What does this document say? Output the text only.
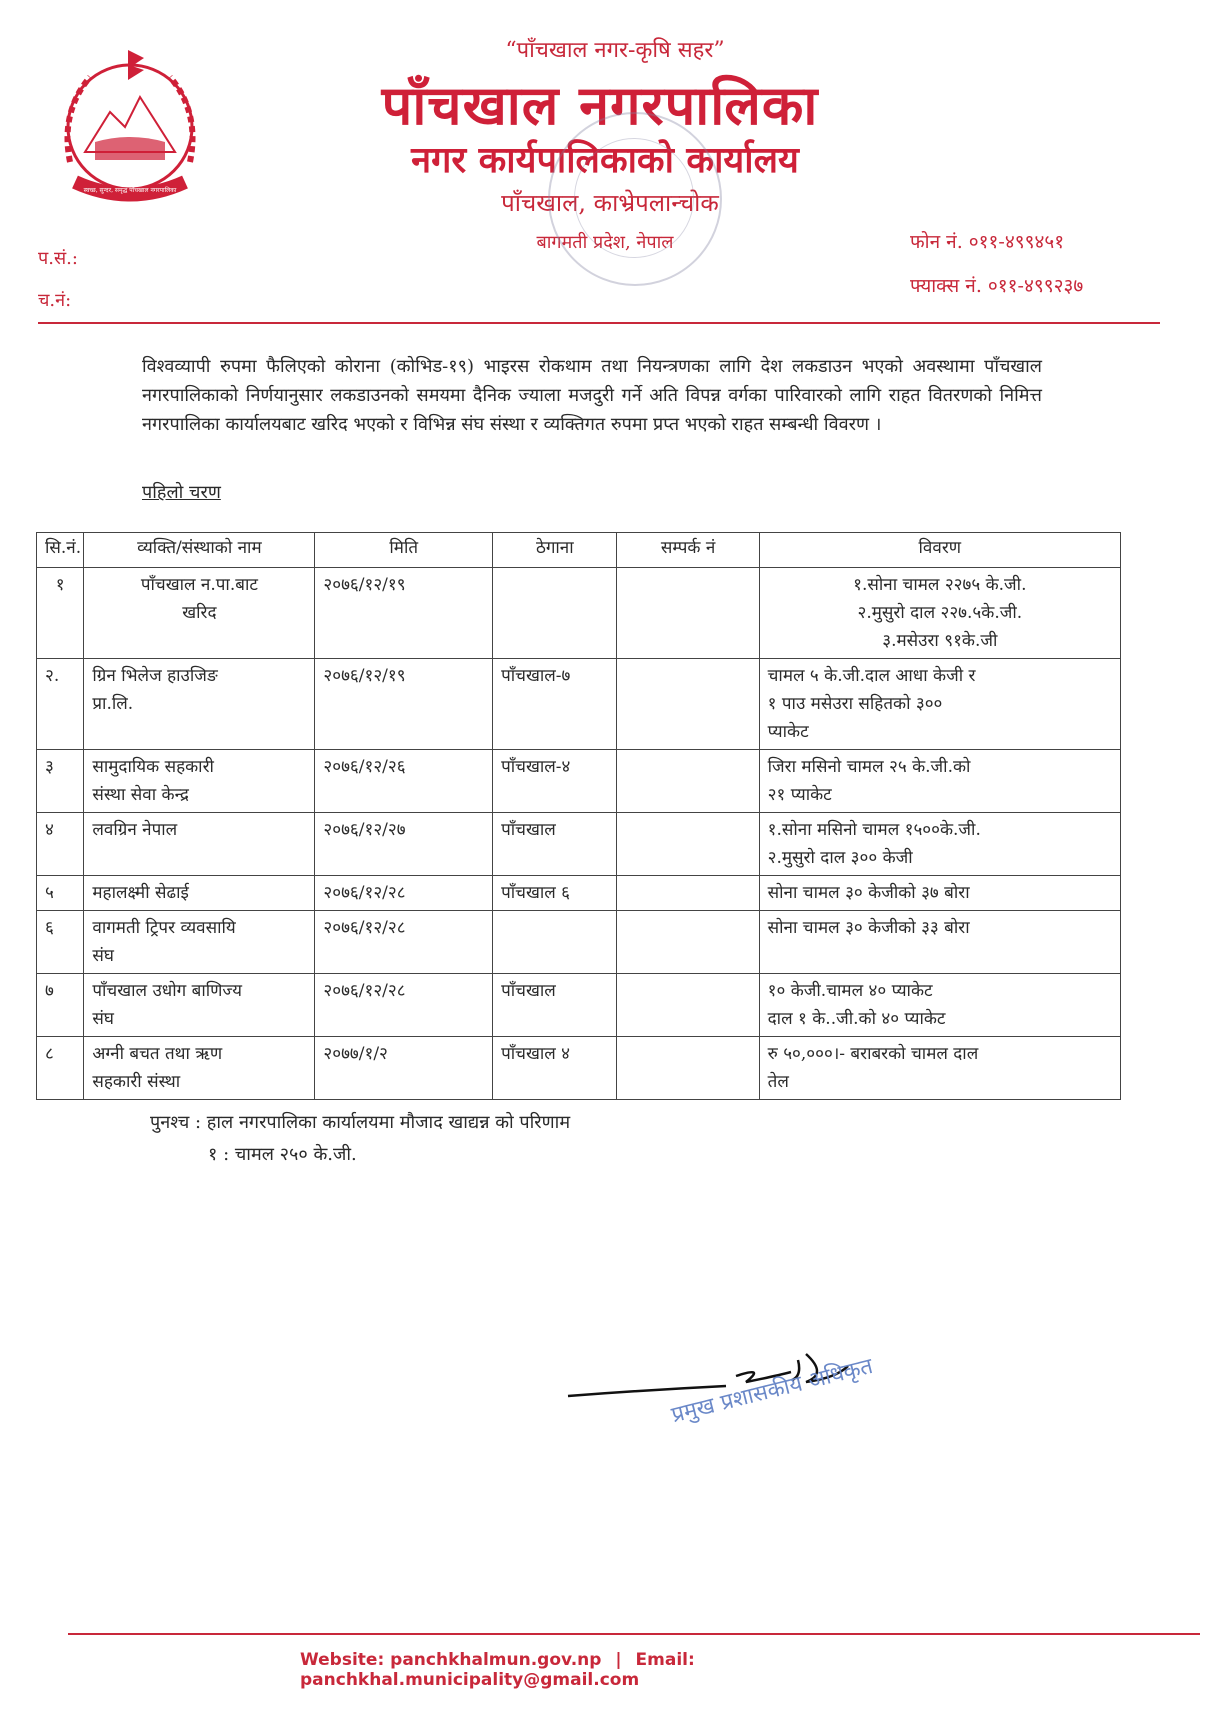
स्वच्छ, सुन्दर, समृद्ध पाँचखाल नगरपालिका
“पाँचखाल नगर-कृषि सहर”
पाँचखाल नगरपालिका
नगर कार्यपालिकाको कार्यालय
पाँचखाल, काभ्रेपलान्चोक
बागमती प्रदेश, नेपाल
प.सं.:
च.नं:
फोन नं. ०११-४९९४५१
फ्याक्स नं. ०११-४९९२३७
विश्वव्यापी रुपमा फैलिएको कोराना (कोभिड-१९) भाइरस रोकथाम तथा नियन्त्रणका लागि देश लकडाउन भएको अवस्थामा पाँचखाल नगरपालिकाको निर्णयानुसार लकडाउनको समयमा दैनिक ज्याला मजदुरी गर्ने अति विपन्न वर्गका पारिवारको लागि राहत वितरणको निमित्त नगरपालिका कार्यालयबाट खरिद भएको र विभिन्न संघ संस्था र व्यक्तिगत रुपमा प्रप्त भएको राहत सम्बन्धी विवरण ।
पहिलो चरण
सि.नं.	व्यक्ति/संस्थाको नाम	मिति	ठेगाना	सम्पर्क नं	विवरण
१	पाँचखाल न.पा.बाट
खरिद	२०७६/१२/१९			१.सोना चामल २२७५ के.जी.
२.मुसुरो दाल २२७.५के.जी.
३.मसेउरा ९१के.जी

२.	ग्रिन भिलेज हाउजिङ
प्रा.लि.	२०७६/१२/१९	पाँचखाल-७		चामल ५ के.जी.दाल आधा केजी र
१ पाउ मसेउरा सहितको ३००
प्याकेट

३	सामुदायिक सहकारी
संस्था सेवा केन्द्र	२०७६/१२/२६	पाँचखाल-४		जिरा मसिनो चामल २५ के.जी.को
२१ प्याकेट

४	लवग्रिन नेपाल	२०७६/१२/२७	पाँचखाल		१.सोना मसिनो चामल १५००के.जी.
२.मुसुरो दाल ३०० केजी

५	महालक्ष्मी सेढाई	२०७६/१२/२८	पाँचखाल ६		सोना चामल ३० केजीको ३७ बोरा

६	वागमती ट्रिपर व्यवसायि
संघ	२०७६/१२/२८			सोना चामल ३० केजीको ३३ बोरा

७	पाँचखाल उधोग बाणिज्य
संघ	२०७६/१२/२८	पाँचखाल		१० केजी.चामल ४० प्याकेट
दाल १ के..जी.को ४० प्याकेट

८	अग्नी बचत तथा ऋण
सहकारी संस्था	२०७७/१/२	पाँचखाल ४		रु ५०,०००।- बराबरको चामल दाल
तेल
पुनश्च : हाल नगरपालिका कार्यालयमा मौजाद खाद्यन्न को परिणाम
१ : चामल २५० के.जी.
प्रमुख प्रशासकीय अधिकृत
Website: panchkhalmun.gov.np | Email: panchkhal.municipality@gmail.com
